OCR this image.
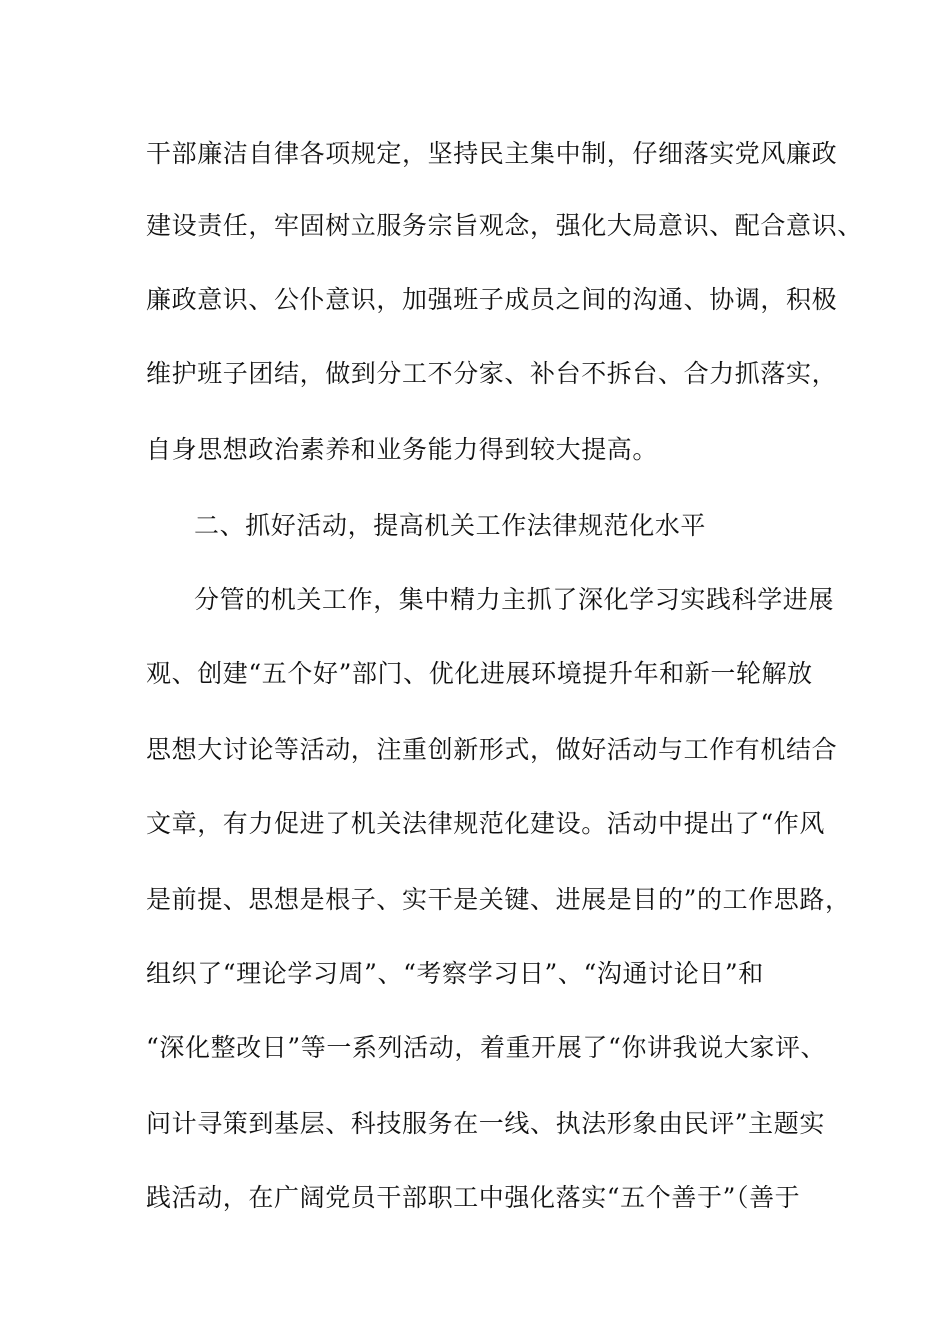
干部廉洁自律各项规定，坚持民主集中制，仔细落实党风廉政
建设责任，牢固树立服务宗旨观念，强化大局意识、配合意识、
廉政意识、公仆意识，加强班子成员之间的沟通、协调，积极
维护班子团结，做到分工不分家、补台不拆台、合力抓落实，
自身思想政治素养和业务能力得到较大提高。
二、抓好活动，提高机关工作法律规范化水平
分管的机关工作，集中精力主抓了深化学习实践科学进展
观、创建“五个好”部门、优化进展环境提升年和新一轮解放
思想大讨论等活动，注重创新形式，做好活动与工作有机结合
文章，有力促进了机关法律规范化建设。活动中提出了“作风
是前提、思想是根子、实干是关键、进展是目的”的工作思路，
组织了“理论学习周”、“考察学习日”、“沟通讨论日”和
“深化整改日”等一系列活动，着重开展了“你讲我说大家评、
问计寻策到基层、科技服务在一线、执法形象由民评”主题实
践活动，在广阔党员干部职工中强化落实“五个善于”（善于
